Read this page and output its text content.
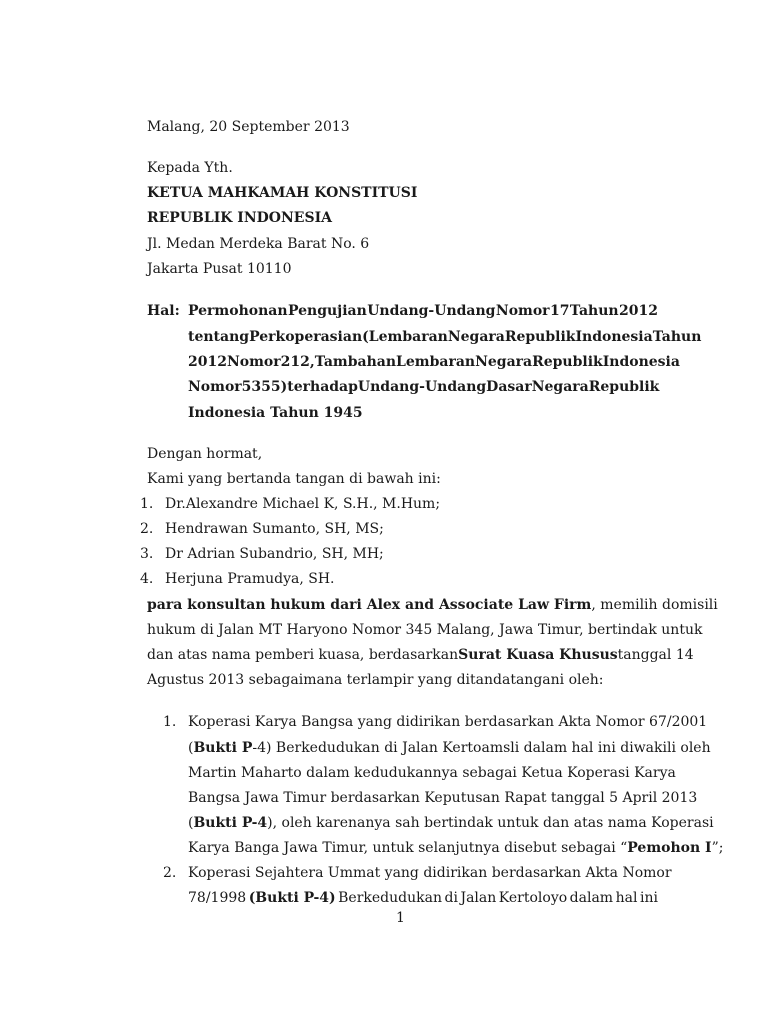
Malang, 20 September 2013
Kepada Yth.
KETUA MAHKAMAH KONSTITUSI
REPUBLIK INDONESIA
Jl. Medan Merdeka Barat No. 6
Jakarta Pusat 10110
Hal: Permohonan Pengujian Undang-Undang Nomor 17 Tahun 2012
tentang Perkoperasian (Lembaran Negara Republik Indonesia Tahun
2012 Nomor 212, Tambahan Lembaran Negara Republik Indonesia
Nomor 5355) terhadap Undang-Undang Dasar Negara Republik
Indonesia Tahun 1945
Dengan hormat,
Kami yang bertanda tangan di bawah ini:
1. Dr.Alexandre Michael K, S.H., M.Hum;
2. Hendrawan Sumanto, SH, MS;
3. Dr Adrian Subandrio, SH, MH;
4. Herjuna Pramudya, SH.
para konsultan hukum dari Alex and Associate Law Firm, memilih domisili
hukum di Jalan MT Haryono Nomor 345 Malang, Jawa Timur, bertindak untuk
dan atas nama pemberi kuasa, berdasarkan Surat Kuasa Khusus tanggal 14
Agustus 2013 sebagaimana terlampir yang ditandatangani oleh:
1. Koperasi Karya Bangsa yang didirikan berdasarkan Akta Nomor 67/2001
(Bukti P-4) Berkedudukan di Jalan Kertoamsli dalam hal ini diwakili oleh
Martin Maharto dalam kedudukannya sebagai Ketua Koperasi Karya
Bangsa Jawa Timur berdasarkan Keputusan Rapat tanggal 5 April 2013
(Bukti P-4), oleh karenanya sah bertindak untuk dan atas nama Koperasi
Karya Banga Jawa Timur, untuk selanjutnya disebut sebagai “Pemohon I”;
2. Koperasi Sejahtera Ummat yang didirikan berdasarkan Akta Nomor
78/1998 (Bukti P-4) Berkedudukan di Jalan Kertoloyo dalam hal ini
1
